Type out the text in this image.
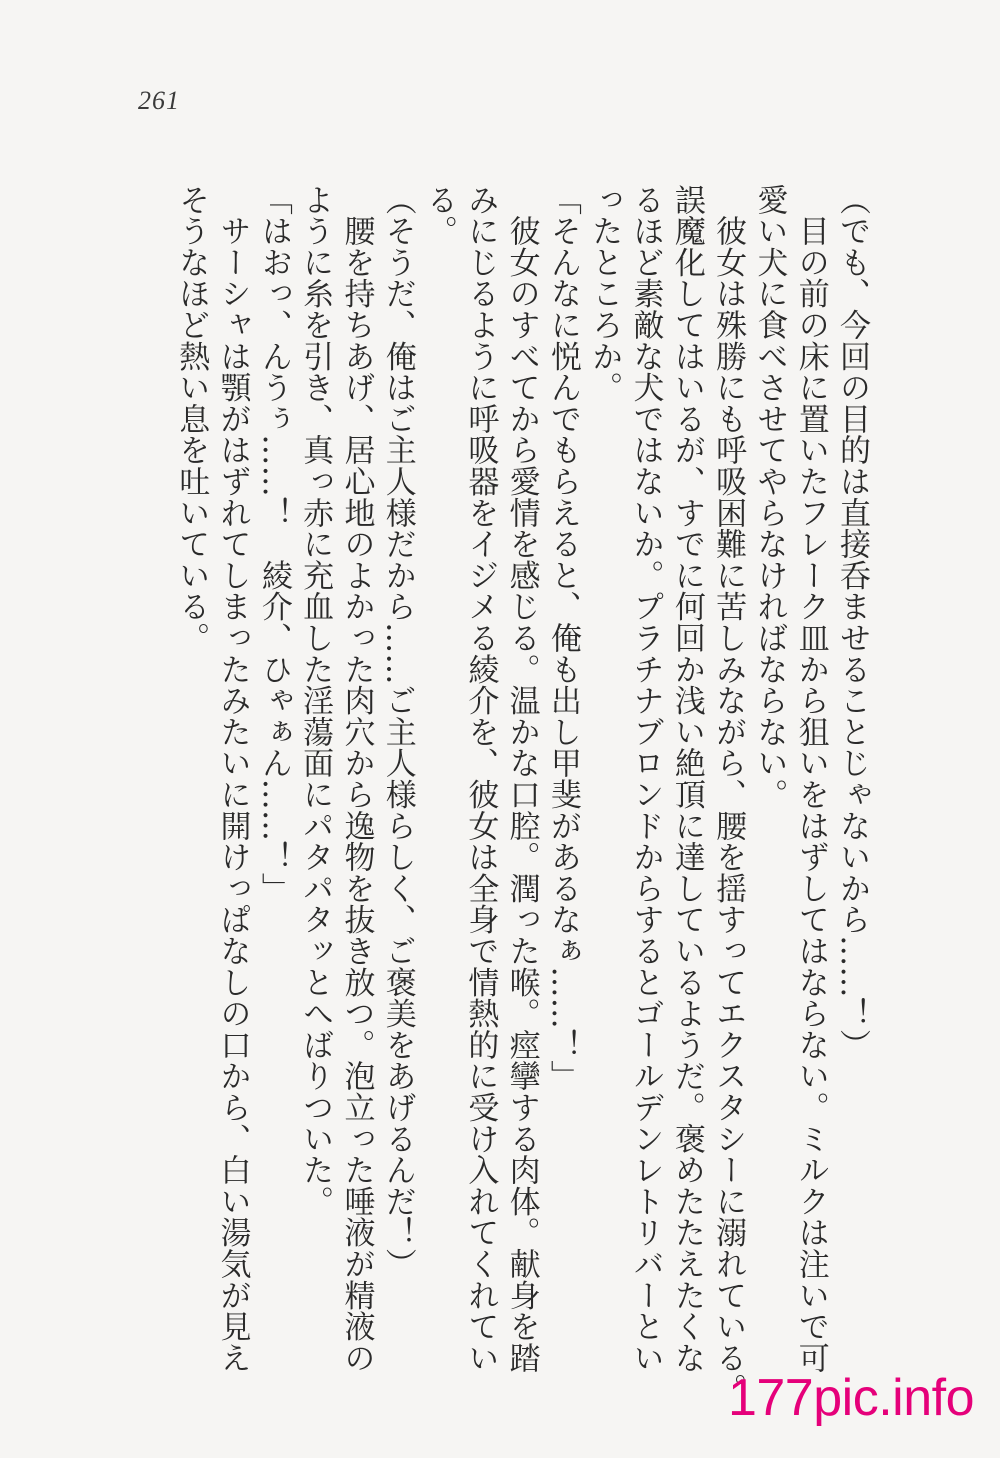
261

（でも、今回の目的は直接呑ませることじゃないから……！）

　目の前の床に置いたフレーク皿から狙いをはずしてはならない。ミルクは注いで可

愛い犬に食べさせてやらなければならない。

　彼女は殊勝にも呼吸困難に苦しみながら、腰を揺すってエクスタシーに溺れている。

誤魔化してはいるが、すでに何回か浅い絶頂に達しているようだ。褒めたたえたくな

るほど素敵な犬ではないか。プラチナブロンドからするとゴールデンレトリバーとい

ったところか。

「そんなに悦んでもらえると、俺も出し甲斐があるなぁ……！」

　彼女のすべてから愛情を感じる。温かな口腔。潤った喉。痙攣する肉体。献身を踏

みにじるように呼吸器をイジメる綾介を、彼女は全身で情熱的に受け入れてくれてい

る。

（そうだ、俺はご主人様だから……ご主人様らしく、ご褒美をあげるんだ！）

　腰を持ちあげ、居心地のよかった肉穴から逸物を抜き放つ。泡立った唾液が精液の

ように糸を引き、真っ赤に充血した淫蕩面にパタパタッとへばりついた。

「はおっ、んうぅ……！　綾介、ひゃぁん……！」

　サーシャは顎がはずれてしまったみたいに開けっぱなしの口から、白い湯気が見え

そうなほど熱い息を吐いている。

177pic.info
